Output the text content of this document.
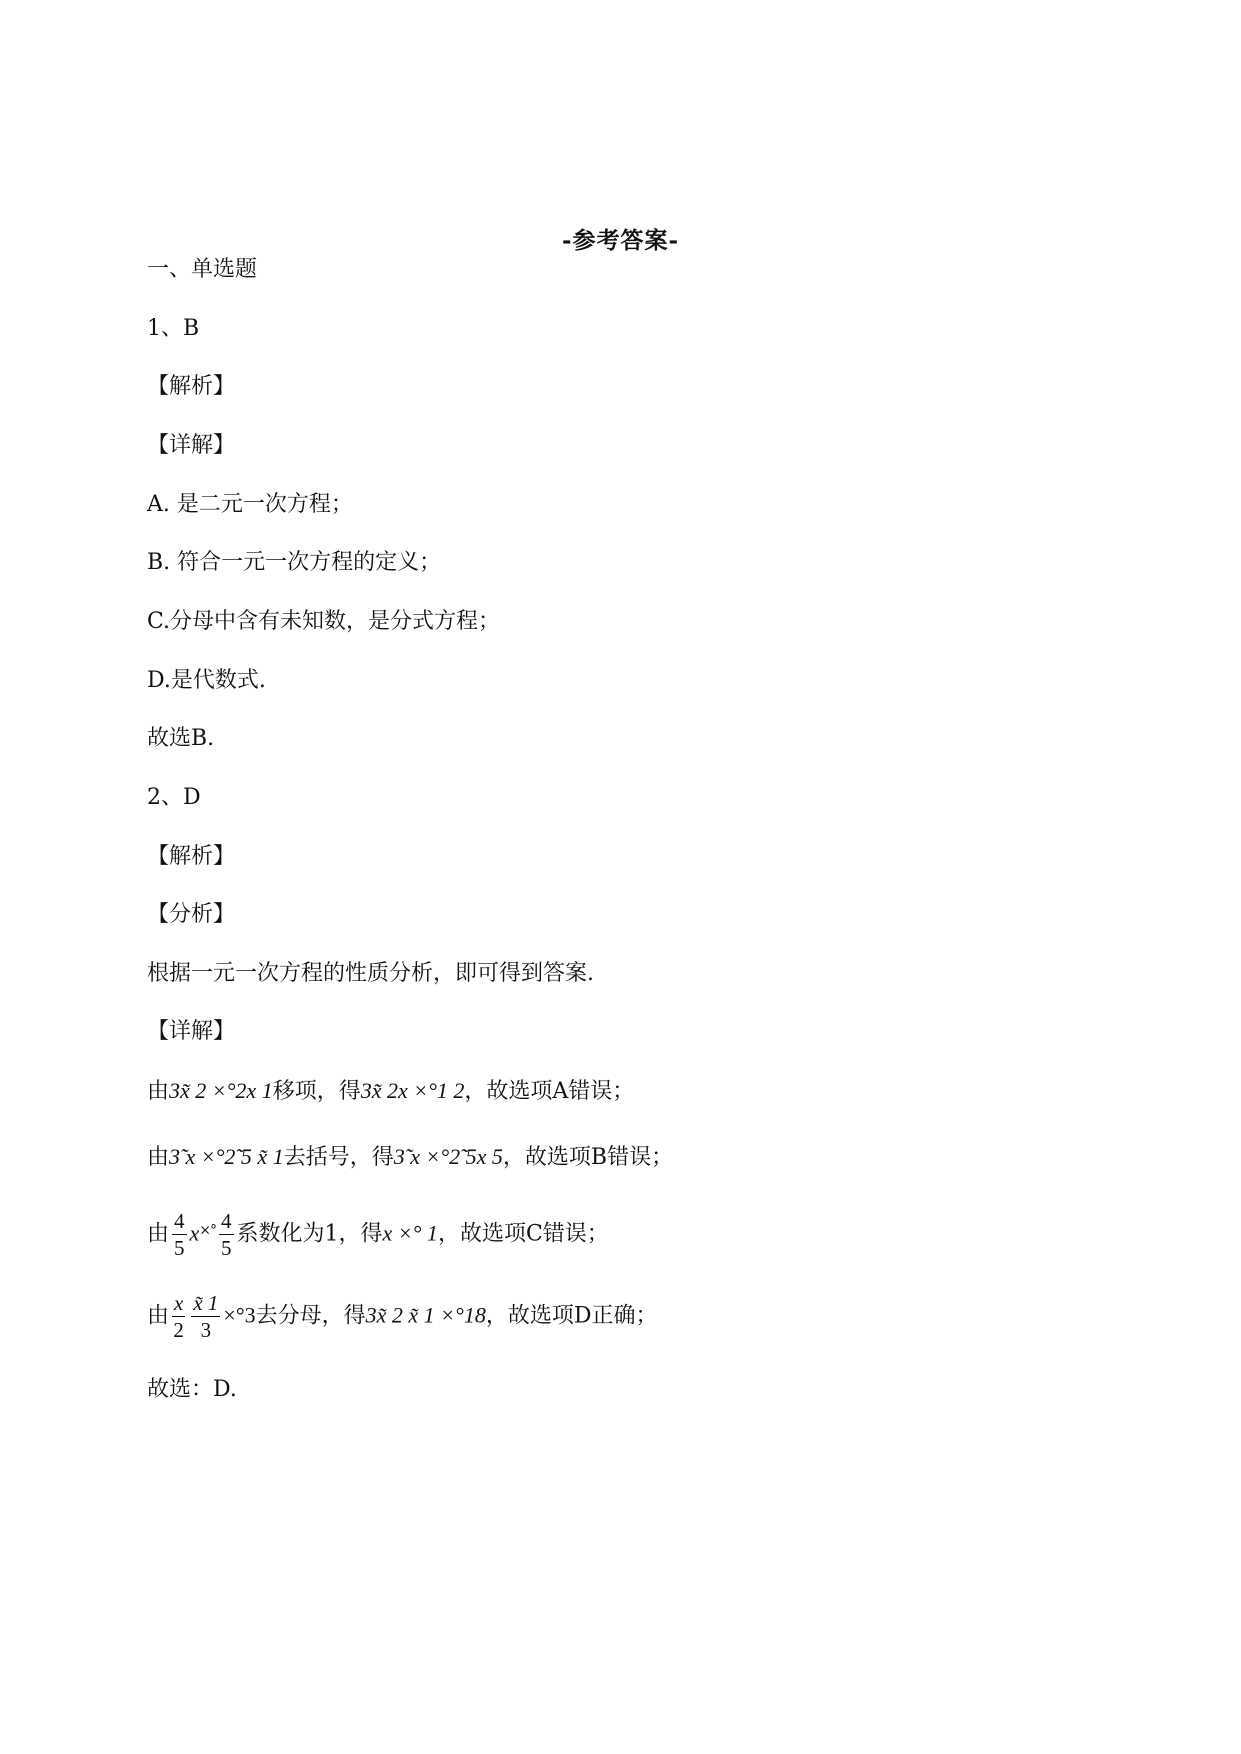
-参考答案-
一、单选题
1、B
【解析】
【详解】
A. 是二元一次方程；
B. 符合一元一次方程的定义；
C.分母中含有未知数，是分式方程；
D.是代数式.
故选B.
2、D
【解析】
【分析】
根据一元一次方程的性质分析，即可得到答案.
【详解】
由3x̃ 2 ×°2x 1移项，得3x̃ 2x ×°1 2，故选项A错误；
由3̃ x ×°2̃ 5 x̃ 1去括号，得3̃ x ×°2̃ 5x 5，故选项B错误；
由 $\frac{4}{5} x^{\times^\circ} \frac{4}{5}$ 系数化为1，得x ×° 1，故选项C错误；
由 $\frac{x}{2} \frac{x̃ 1}{3} \times^\circ 3$去分母，得3x̃ 2 x̃ 1 ×°18，故选项D正确；
故选：D.
